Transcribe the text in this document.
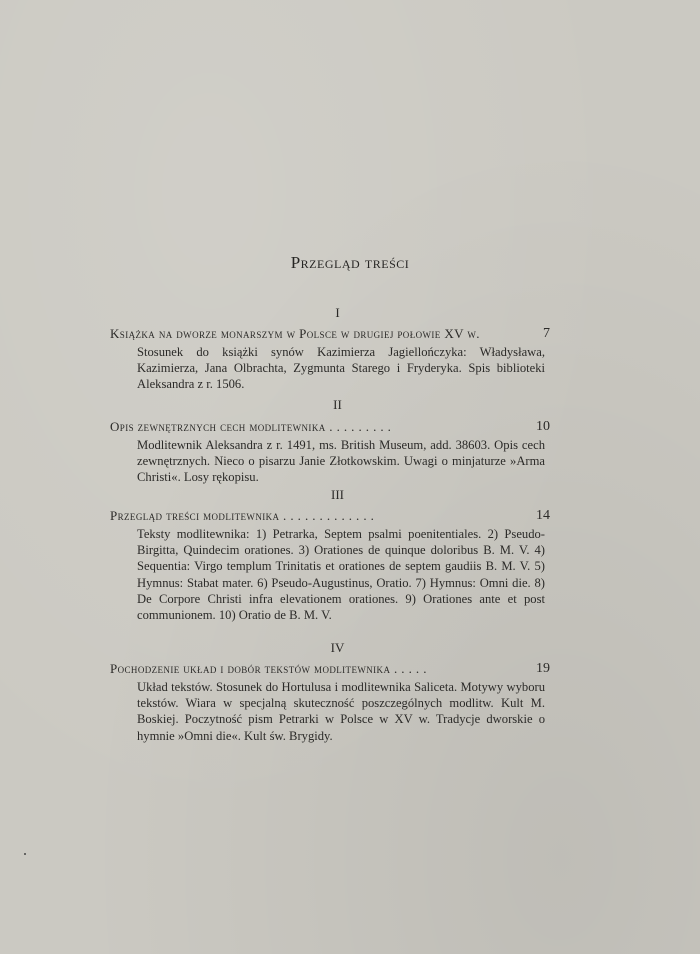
Przegląd treści
I
Książka na dworze monarszym w Polsce w drugiej połowie XV w.	7
Stosunek do książki synów Kazimierza Jagiellończyka: Władysława, Kazimierza, Jana Olbrachta, Zygmunta Starego i Fryderyka. Spis biblioteki Aleksandra z r. 1506.
II
Opis zewnętrznych cech modlitewnika . . . . . . . . .	10
Modlitewnik Aleksandra z r. 1491, ms. British Museum, add. 38603. Opis cech zewnętrznych. Nieco o pisarzu Janie Złotkowskim. Uwagi o minjaturze »Arma Christi«. Losy rękopisu.
III
Przegląd treści modlitewnika . . . . . . . . . . . . .	14
Teksty modlitewnika: 1) Petrarka, Septem psalmi poenitentiales. 2) Pseudo-Birgitta, Quindecim orationes. 3) Orationes de quinque doloribus B. M. V. 4) Sequentia: Virgo templum Trinitatis et orationes de septem gaudiis B. M. V. 5) Hymnus: Stabat mater. 6) Pseudo-Augustinus, Oratio. 7) Hymnus: Omni die. 8) De Corpore Christi infra elevationem orationes. 9) Orationes ante et post communionem. 10) Oratio de B. M. V.
IV
Pochodzenie układ i dobór tekstów modlitewnika . . . . .	19
Układ tekstów. Stosunek do Hortulusa i modlitewnika Saliceta. Motywy wyboru tekstów. Wiara w specjalną skuteczność poszczególnych modlitw. Kult M. Boskiej. Poczytność pism Petrarki w Polsce w XV w. Tradycje dworskie o hymnie »Omni die«. Kult św. Brygidy.
